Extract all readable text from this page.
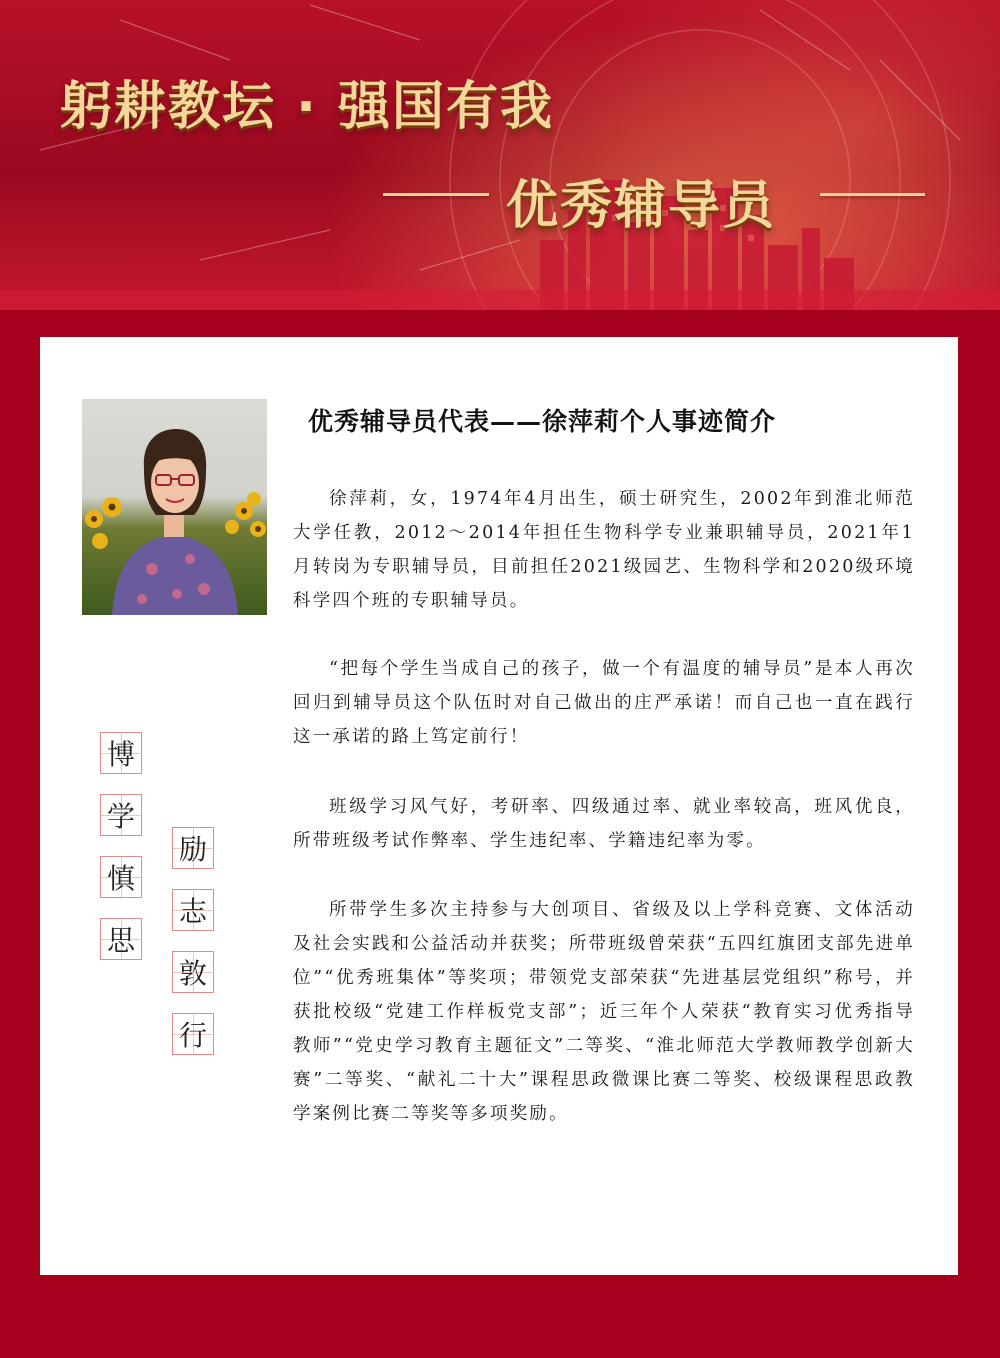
躬耕教坛 · 强国有我
优秀辅导员
优秀辅导员代表——徐萍莉个人事迹简介

徐萍莉，女，1974年4月出生，硕士研究生，2002年到淮北师范大学任教，2012～2014年担任生物科学专业兼职辅导员，2021年1月转岗为专职辅导员，目前担任2021级园艺、生物科学和2020级环境科学四个班的专职辅导员。

“把每个学生当成自己的孩子，做一个有温度的辅导员”是本人再次回归到辅导员这个队伍时对自己做出的庄严承诺！而自己也一直在践行这一承诺的路上笃定前行！

班级学习风气好，考研率、四级通过率、就业率较高，班风优良，所带班级考试作弊率、学生违纪率、学籍违纪率为零。

所带学生多次主持参与大创项目、省级及以上学科竞赛、文体活动及社会实践和公益活动并获奖；所带班级曾荣获“五四红旗团支部先进单位”“优秀班集体”等奖项；带领党支部荣获“先进基层党组织”称号，并获批校级“党建工作样板党支部”；近三年个人荣获“教育实习优秀指导教师”“党史学习教育主题征文”二等奖、“淮北师范大学教师教学创新大赛”二等奖、“献礼二十大”课程思政微课比赛二等奖、校级课程思政教学案例比赛二等奖等多项奖励。

博
学
慎
思
励
志
敦
行
